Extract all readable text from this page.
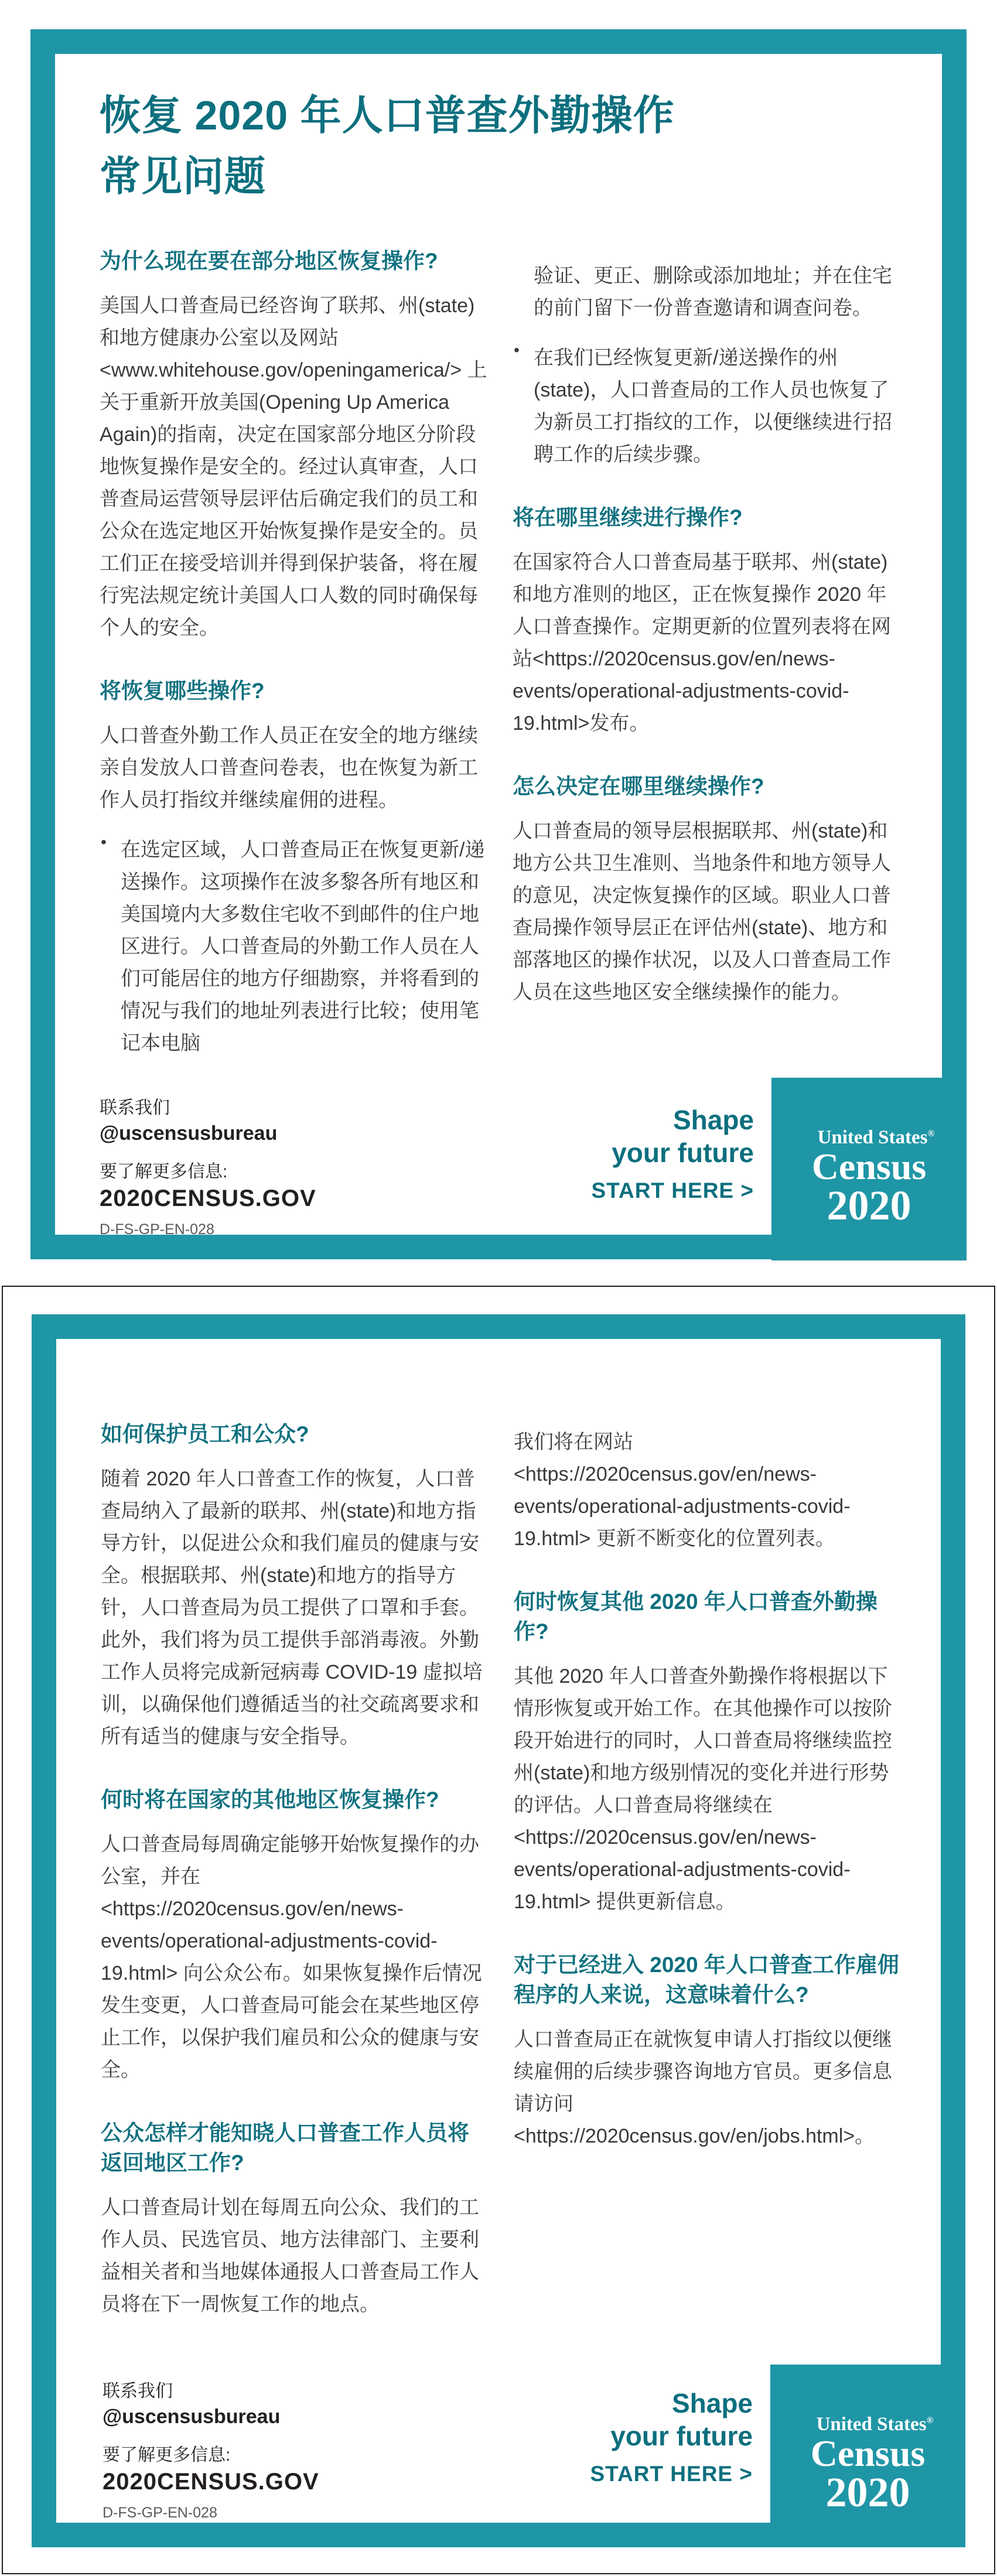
恢复 2020 年人口普查外勤操作
常见问题
为什么现在要在部分地区恢复操作?

美国人口普查局已经咨询了联邦、州(state)和地方健康办公室以及网站 <www.whitehouse.gov/openingamerica/> 上关于重新开放美国(Opening Up America Again)的指南，决定在国家部分地区分阶段地恢复操作是安全的。经过认真审查，人口普查局运营领导层评估后确定我们的员工和公众在选定地区开始恢复操作是安全的。员工们正在接受培训并得到保护装备，将在履行宪法规定统计美国人口人数的同时确保每个人的安全。

将恢复哪些操作?

人口普查外勤工作人员正在安全的地方继续亲自发放人口普查问卷表，也在恢复为新工作人员打指纹并继续雇佣的进程。

• 在选定区域，人口普查局正在恢复更新/递送操作。这项操作在波多黎各所有地区和美国境内大多数住宅收不到邮件的住户地区进行。人口普查局的外勤工作人员在人们可能居住的地方仔细勘察，并将看到的情况与我们的地址列表进行比较；使用笔记本电脑

验证、更正、删除或添加地址；并在住宅的前门留下一份普查邀请和调查问卷。

• 在我们已经恢复更新/递送操作的州(state)，人口普查局的工作人员也恢复了为新员工打指纹的工作，以便继续进行招聘工作的后续步骤。

将在哪里继续进行操作?

在国家符合人口普查局基于联邦、州(state)和地方准则的地区，正在恢复操作 2020 年人口普查操作。定期更新的位置列表将在网站<https://2020census.gov/en/news-events/operational-adjustments-covid-19.html>发布。

怎么决定在哪里继续操作?

人口普查局的领导层根据联邦、州(state)和地方公共卫生准则、当地条件和地方领导人的意见，决定恢复操作的区域。职业人口普查局操作领导层正在评估州(state)、地方和部落地区的操作状况，以及人口普查局工作人员在这些地区安全继续操作的能力。

联系我们
@uscensusbureau
要了解更多信息:
2020CENSUS.GOV
D-FS-GP-EN-028
Shape
your future
START HERE >
United States®
Census
2020
如何保护员工和公众?

随着 2020 年人口普查工作的恢复，人口普查局纳入了最新的联邦、州(state)和地方指导方针，以促进公众和我们雇员的健康与安全。根据联邦、州(state)和地方的指导方针，人口普查局为员工提供了口罩和手套。此外，我们将为员工提供手部消毒液。外勤工作人员将完成新冠病毒 COVID-19 虚拟培训，以确保他们遵循适当的社交疏离要求和所有适当的健康与安全指导。

何时将在国家的其他地区恢复操作?

人口普查局每周确定能够开始恢复操作的办公室，并在 <https://2020census.gov/en/news-events/operational-adjustments-covid-19.html> 向公众公布。如果恢复操作后情况发生变更，人口普查局可能会在某些地区停止工作，以保护我们雇员和公众的健康与安全。

公众怎样才能知晓人口普查工作人员将返回地区工作?

人口普查局计划在每周五向公众、我们的工作人员、民选官员、地方法律部门、主要利益相关者和当地媒体通报人口普查局工作人员将在下一周恢复工作的地点。

我们将在网站<https://2020census.gov/en/news-events/operational-adjustments-covid-19.html> 更新不断变化的位置列表。

何时恢复其他 2020 年人口普查外勤操作?

其他 2020 年人口普查外勤操作将根据以下情形恢复或开始工作。在其他操作可以按阶段开始进行的同时，人口普查局将继续监控州(state)和地方级别情况的变化并进行形势的评估。人口普查局将继续在 <https://2020census.gov/en/news-events/operational-adjustments-covid-19.html> 提供更新信息。

对于已经进入 2020 年人口普查工作雇佣程序的人来说，这意味着什么?

人口普查局正在就恢复申请人打指纹以便继续雇佣的后续步骤咨询地方官员。更多信息请访问 <https://2020census.gov/en/jobs.html>。

联系我们
@uscensusbureau
要了解更多信息:
2020CENSUS.GOV
D-FS-GP-EN-028
Shape
your future
START HERE >
United States®
Census
2020
